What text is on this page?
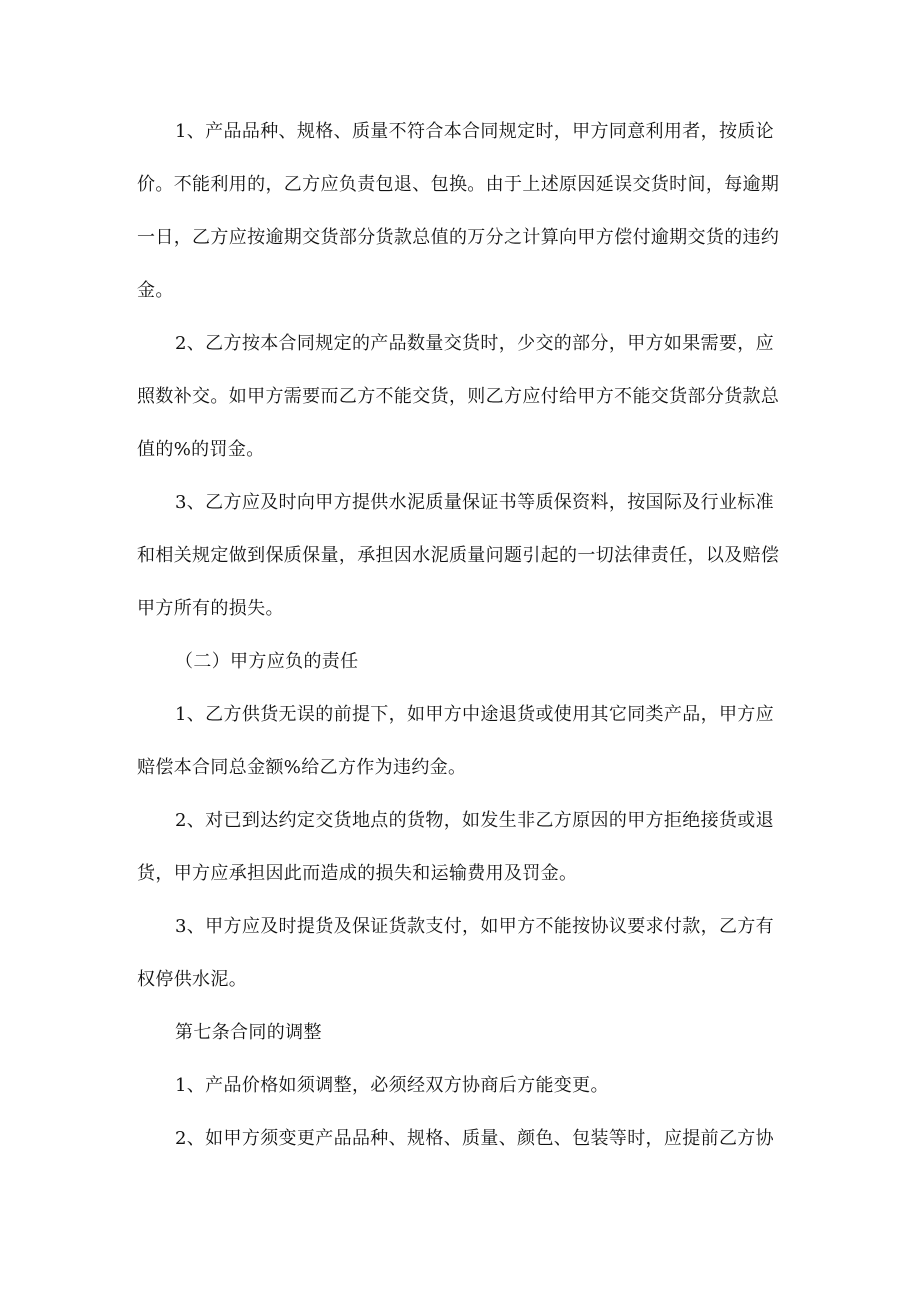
1、产品品种、规格、质量不符合本合同规定时，甲方同意利用者，按质论
价。不能利用的，乙方应负责包退、包换。由于上述原因延误交货时间，每逾期
一日，乙方应按逾期交货部分货款总值的万分之计算向甲方偿付逾期交货的违约
金。
2、乙方按本合同规定的产品数量交货时，少交的部分，甲方如果需要，应
照数补交。如甲方需要而乙方不能交货，则乙方应付给甲方不能交货部分货款总
值的%的罚金。
3、乙方应及时向甲方提供水泥质量保证书等质保资料，按国际及行业标准
和相关规定做到保质保量，承担因水泥质量问题引起的一切法律责任，以及赔偿
甲方所有的损失。
（二）甲方应负的责任
1、乙方供货无误的前提下，如甲方中途退货或使用其它同类产品，甲方应
赔偿本合同总金额%给乙方作为违约金。
2、对已到达约定交货地点的货物，如发生非乙方原因的甲方拒绝接货或退
货，甲方应承担因此而造成的损失和运输费用及罚金。
3、甲方应及时提货及保证货款支付，如甲方不能按协议要求付款，乙方有
权停供水泥。
第七条合同的调整
1、产品价格如须调整，必须经双方协商后方能变更。
2、如甲方须变更产品品种、规格、质量、颜色、包装等时，应提前乙方协
